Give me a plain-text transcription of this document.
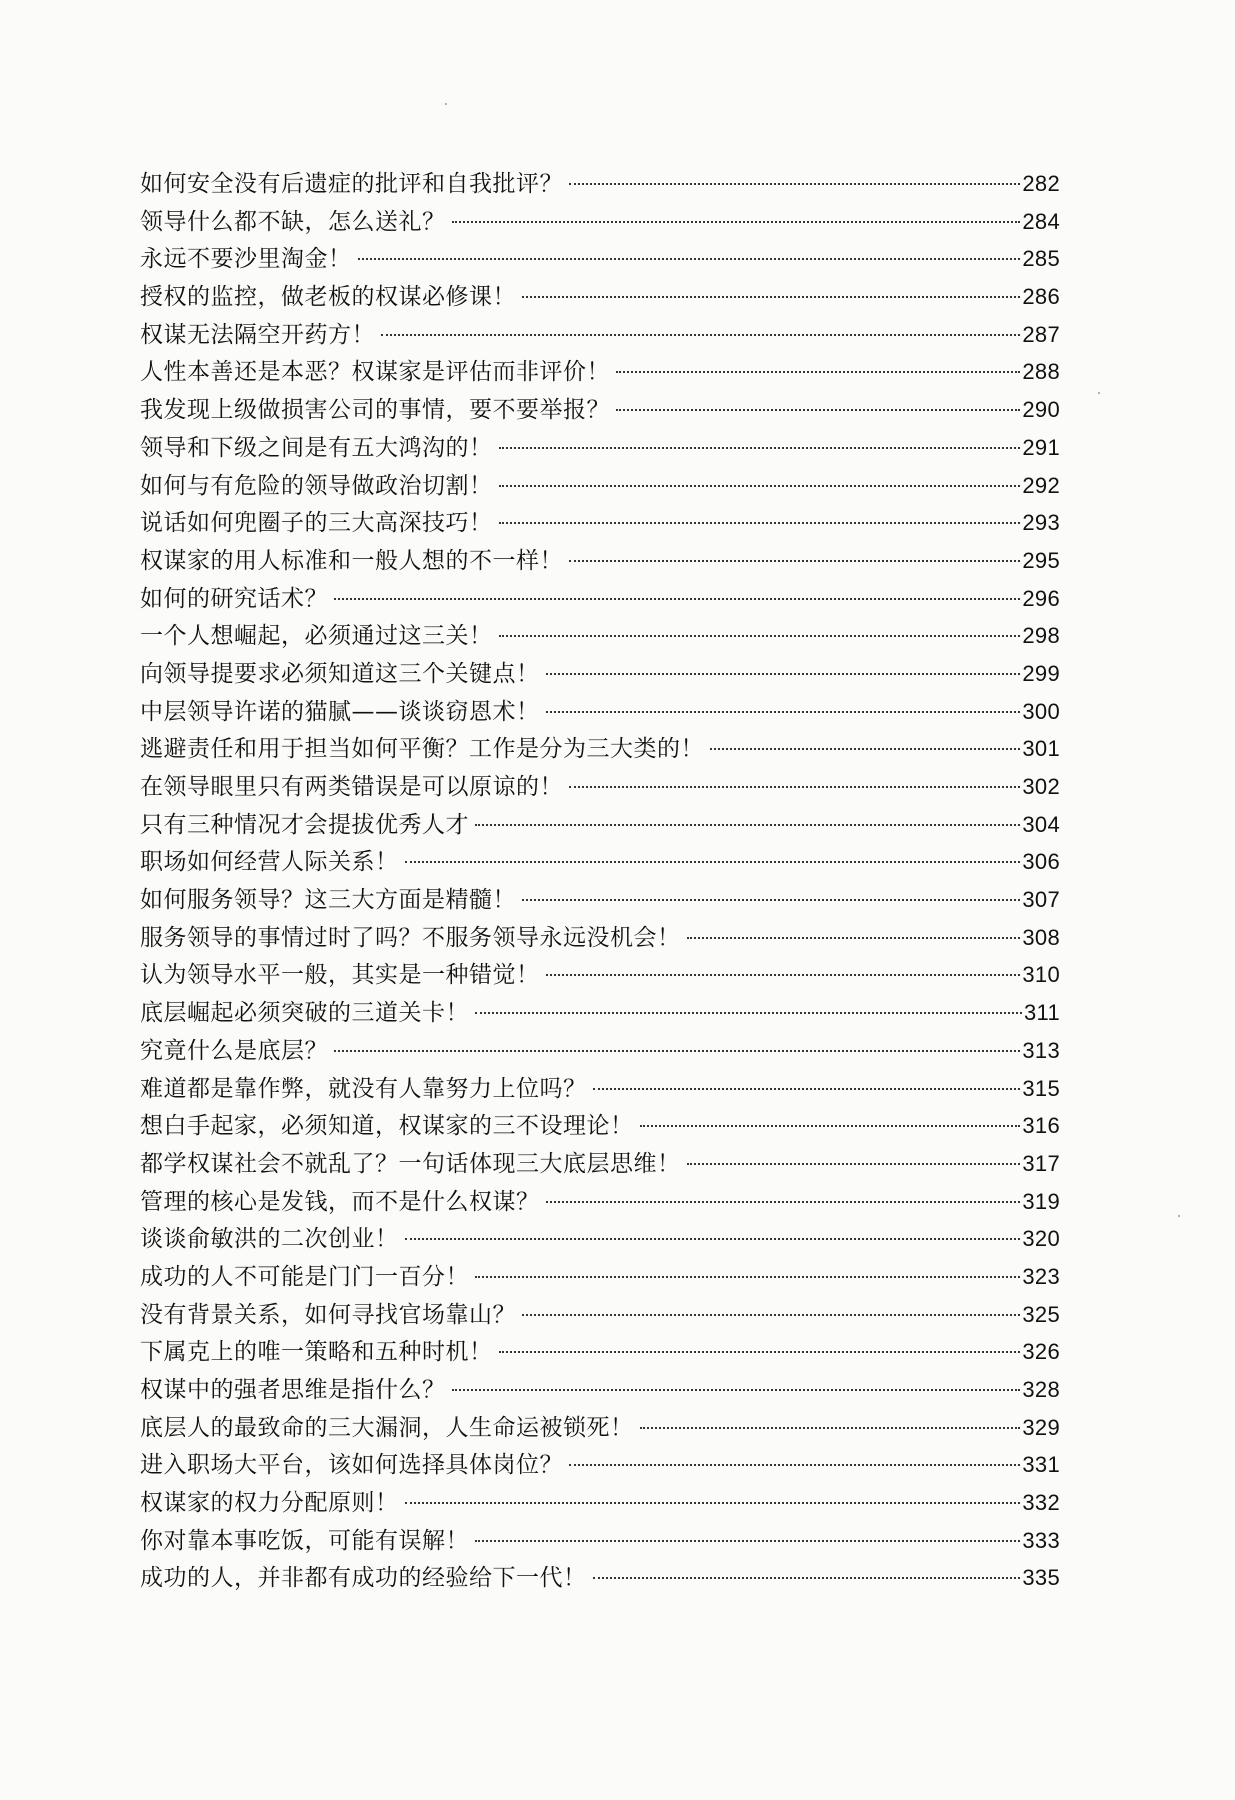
如何安全没有后遗症的批评和自我批评？	282
领导什么都不缺，怎么送礼？	284
永远不要沙里淘金！	285
授权的监控，做老板的权谋必修课！	286
权谋无法隔空开药方！	287
人性本善还是本恶？权谋家是评估而非评价！	288
我发现上级做损害公司的事情，要不要举报？	290
领导和下级之间是有五大鸿沟的！	291
如何与有危险的领导做政治切割！	292
说话如何兜圈子的三大高深技巧！	293
权谋家的用人标准和一般人想的不一样！	295
如何的研究话术？	296
一个人想崛起，必须通过这三关！	298
向领导提要求必须知道这三个关键点！	299
中层领导许诺的猫腻——谈谈窃恩术！	300
逃避责任和用于担当如何平衡？工作是分为三大类的！	301
在领导眼里只有两类错误是可以原谅的！	302
只有三种情况才会提拔优秀人才	304
职场如何经营人际关系！	306
如何服务领导？这三大方面是精髓！	307
服务领导的事情过时了吗？不服务领导永远没机会！	308
认为领导水平一般，其实是一种错觉！	310
底层崛起必须突破的三道关卡！	311
究竟什么是底层？	313
难道都是靠作弊，就没有人靠努力上位吗？	315
想白手起家，必须知道，权谋家的三不设理论！	316
都学权谋社会不就乱了？一句话体现三大底层思维！	317
管理的核心是发钱，而不是什么权谋？	319
谈谈俞敏洪的二次创业！	320
成功的人不可能是门门一百分！	323
没有背景关系，如何寻找官场靠山？	325
下属克上的唯一策略和五种时机！	326
权谋中的强者思维是指什么？	328
底层人的最致命的三大漏洞，人生命运被锁死！	329
进入职场大平台，该如何选择具体岗位？	331
权谋家的权力分配原则！	332
你对靠本事吃饭，可能有误解！	333
成功的人，并非都有成功的经验给下一代！	335
